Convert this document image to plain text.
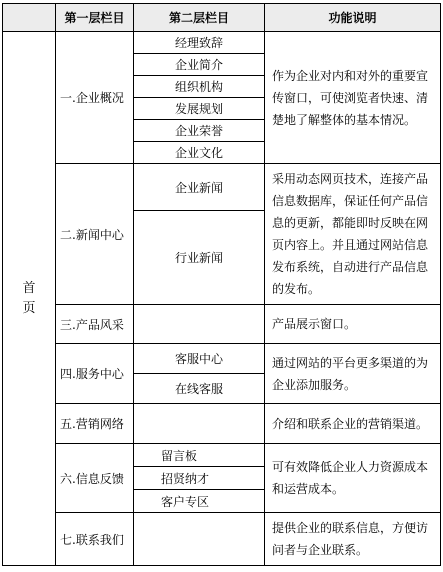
	第一层栏目	第二层栏目	功能说明

首
页	一.企业概况	经理致辞	作为企业对内和对外的重要宣传窗口，可使浏览者快速、清楚地了解整体的基本情况。
		企业简介	
		组织机构	
		发展规划	
		企业荣誉	
		企业文化	
	二.新闻中心	企业新闻	采用动态网页技术，连接产品信息数据库，保证任何产品信息的更新，都能即时反映在网页内容上。并且通过网站信息发布系统，自动进行产品信息的发布。
		行业新闻	
	三.产品风采		产品展示窗口。
	四.服务中心	客服中心	通过网站的平台更多渠道的为企业添加服务。
		在线客服	
	五.营销网络		介绍和联系企业的营销渠道。
	六.信息反馈	留言板	可有效降低企业人力资源成本和运营成本。
		招贤纳才	
		客户专区	
	七.联系我们		提供企业的联系信息，方便访问者与企业联系。
